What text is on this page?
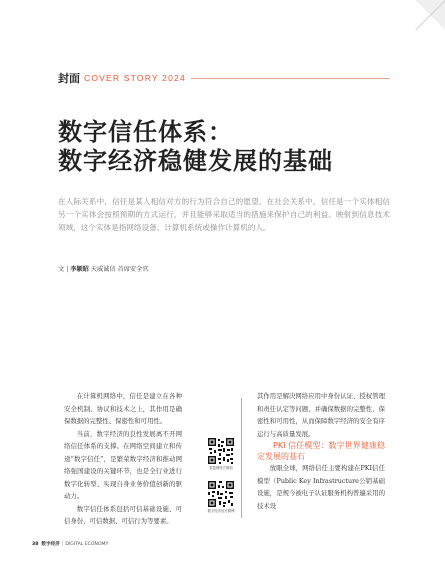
封面 COVER STORY 2024
数字信任体系：
数字经济稳健发展的基础
在人际关系中，信任是某人相信对方的行为符合自己的愿望。在社会关系中，信任是一个实体相信另一个实体会按照预期的方式运行，并且能够采取适当的措施来保护自己的利益。映射到信息技术领域，这个实体是指网络设备、计算机系统或操作计算机的人。
文 | 李颖昭 天威诚信 首席安全官

在计算机网络中，信任是建立在各种安全机制、协议和技术之上，其作用是确保数据的完整性、保密性和可用性。

当前，数字经济的良性发展离不开网络信任体系的支撑。在网络空间建立和传递“数字信任”，是繁荣数字经济和推动网络强国建设的关键环节，也是全行业进行数字化转型、实现自身业务价值创新的驱动力。

数字信任体系包括可信基础设施、可信身份、可信数据、可信行为等要素。

泰盈网络方微信
数字经济官方微博

其作用是解决网络应用中身份认证、授权管理和责任认定等问题，并确保数据的完整性、保密性和可用性，从而保障数字经济的安全有序运行与高质量发展。

PKI 信任模型：数字世界健康稳定发展的基石

放眼全球，网络信任主要构建在PKI信任模型（Public Key Infrastructure公钥基础设施，是规今被电子认证服务机构普遍采用的技术设

38 数字经济 | DIGITAL ECONOMY
